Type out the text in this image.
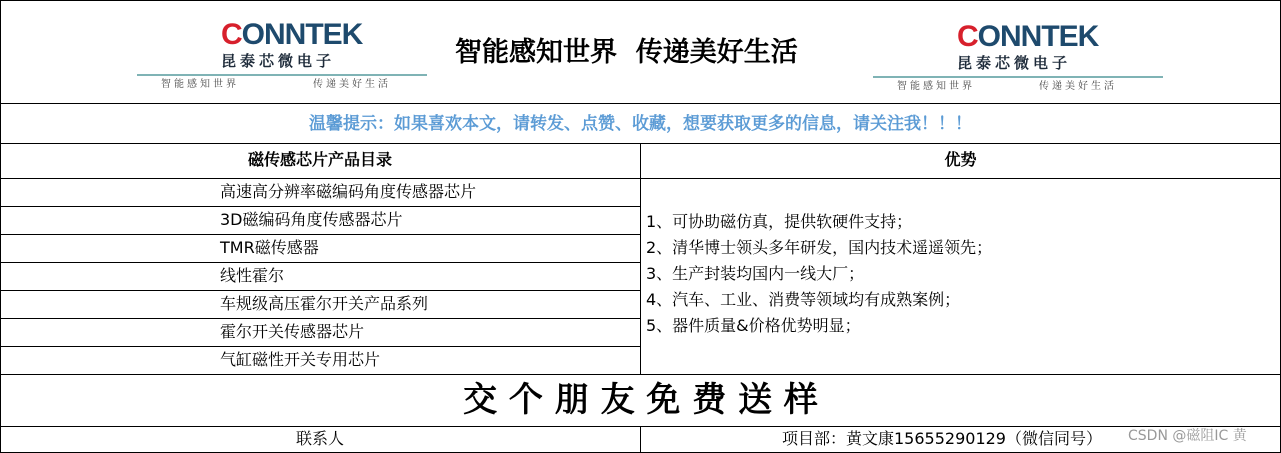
CONNTEK
昆泰芯微电子
智能感知世界	传递美好生活
智能感知世界  传递美好生活	CONNTEK
昆泰芯微电子
智能感知世界	传递美好生活
温馨提示：如果喜欢本文，请转发、点赞、收藏，想要获取更多的信息，请关注我！！！
磁传感芯片产品目录	优势
高速高分辨率磁编码角度传感器芯片
3D磁编码角度传感器芯片
TMR磁传感器
线性霍尔
车规级高压霍尔开关产品系列
霍尔开关传感器芯片
气缸磁性开关专用芯片
1、可协助磁仿真，提供软硬件支持；
2、清华博士领头多年研发，国内技术遥遥领先；
3、生产封装均国内一线大厂；
4、汽车、工业、消费等领域均有成熟案例；
5、器件质量&价格优势明显；
交 个 朋 友 免 费 送 样
联系人	项目部：黄文康15655290129（微信同号） CSDN @磁阻IC 黄
